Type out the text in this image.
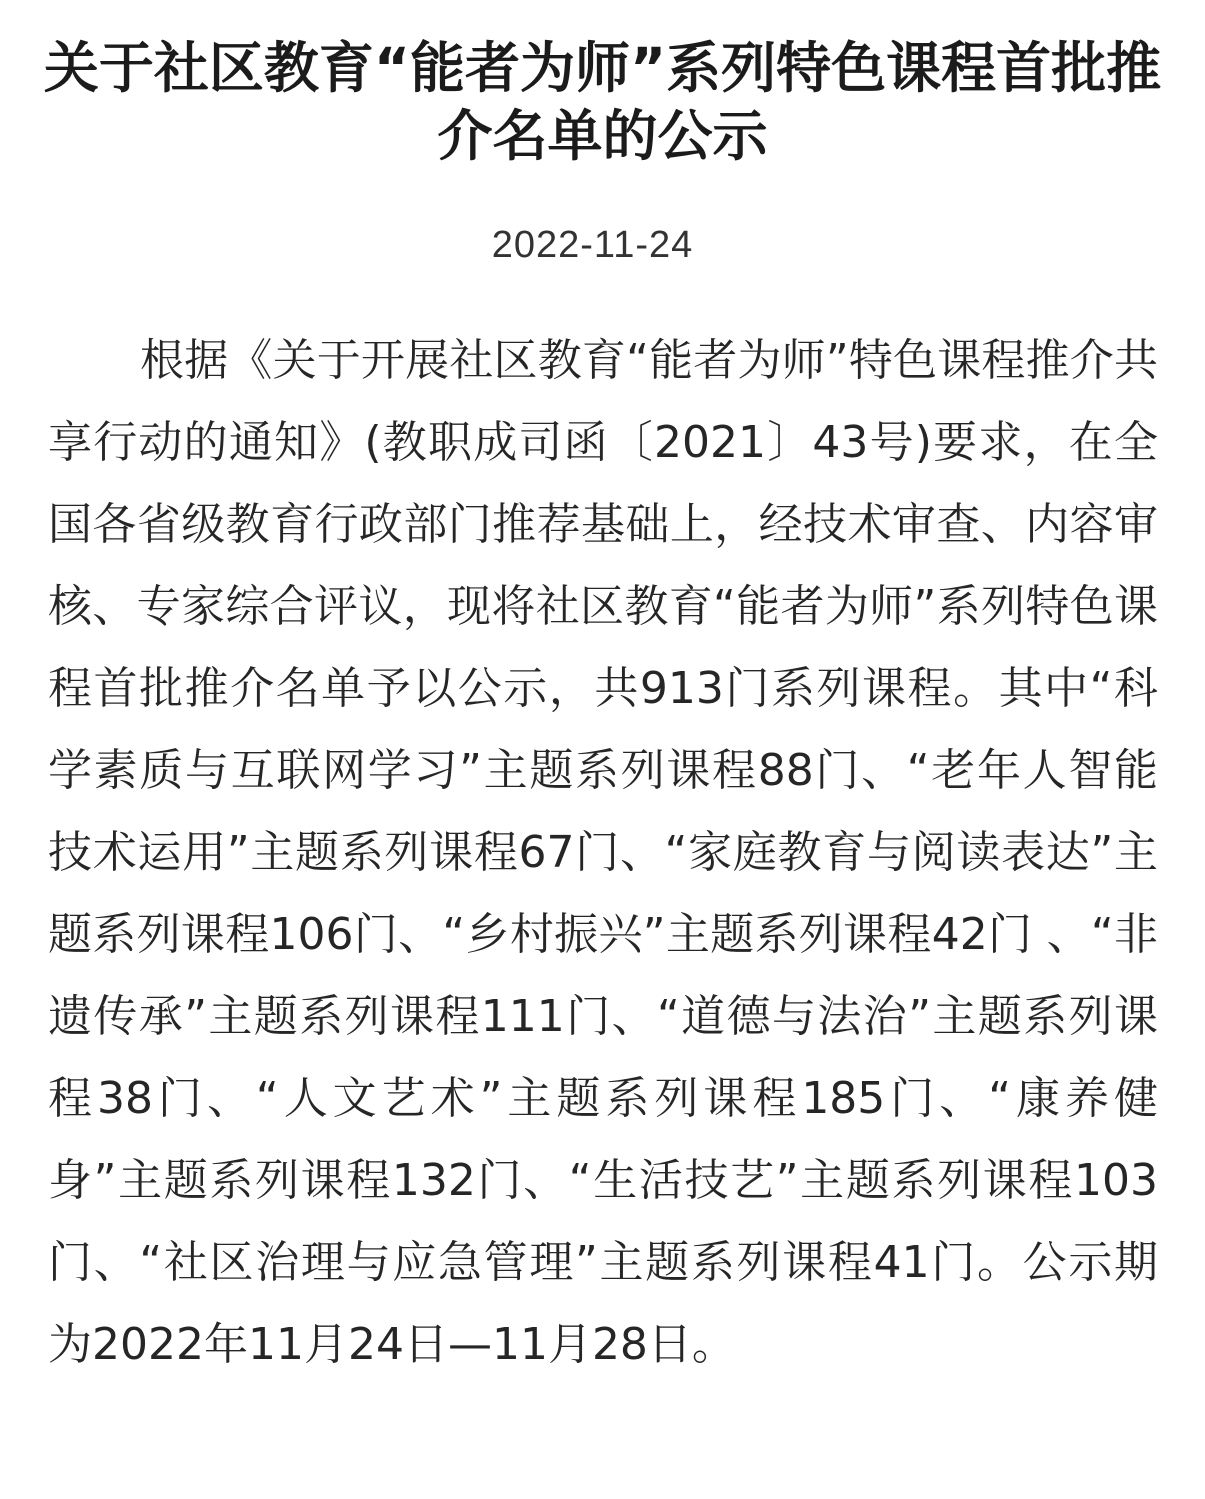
关于社区教育“能者为师”系列特色课程首批推介名单的公示
2022-11-24

根据《关于开展社区教育“能者为师”特色课程推介共享行动的通知》(教职成司函〔2021〕43号)要求，在全国各省级教育行政部门推荐基础上，经技术审查、内容审核、专家综合评议，现将社区教育“能者为师”系列特色课程首批推介名单予以公示，共913门系列课程。其中“科学素质与互联网学习”主题系列课程88门、“老年人智能技术运用”主题系列课程67门、“家庭教育与阅读表达”主题系列课程106门、“乡村振兴”主题系列课程42门 、“非遗传承”主题系列课程111门、“道德与法治”主题系列课程38门、“人文艺术”主题系列课程185门、“康养健身”主题系列课程132门、“生活技艺”主题系列课程103门、“社区治理与应急管理”主题系列课程41门。公示期为2022年11月24日—11月28日。
